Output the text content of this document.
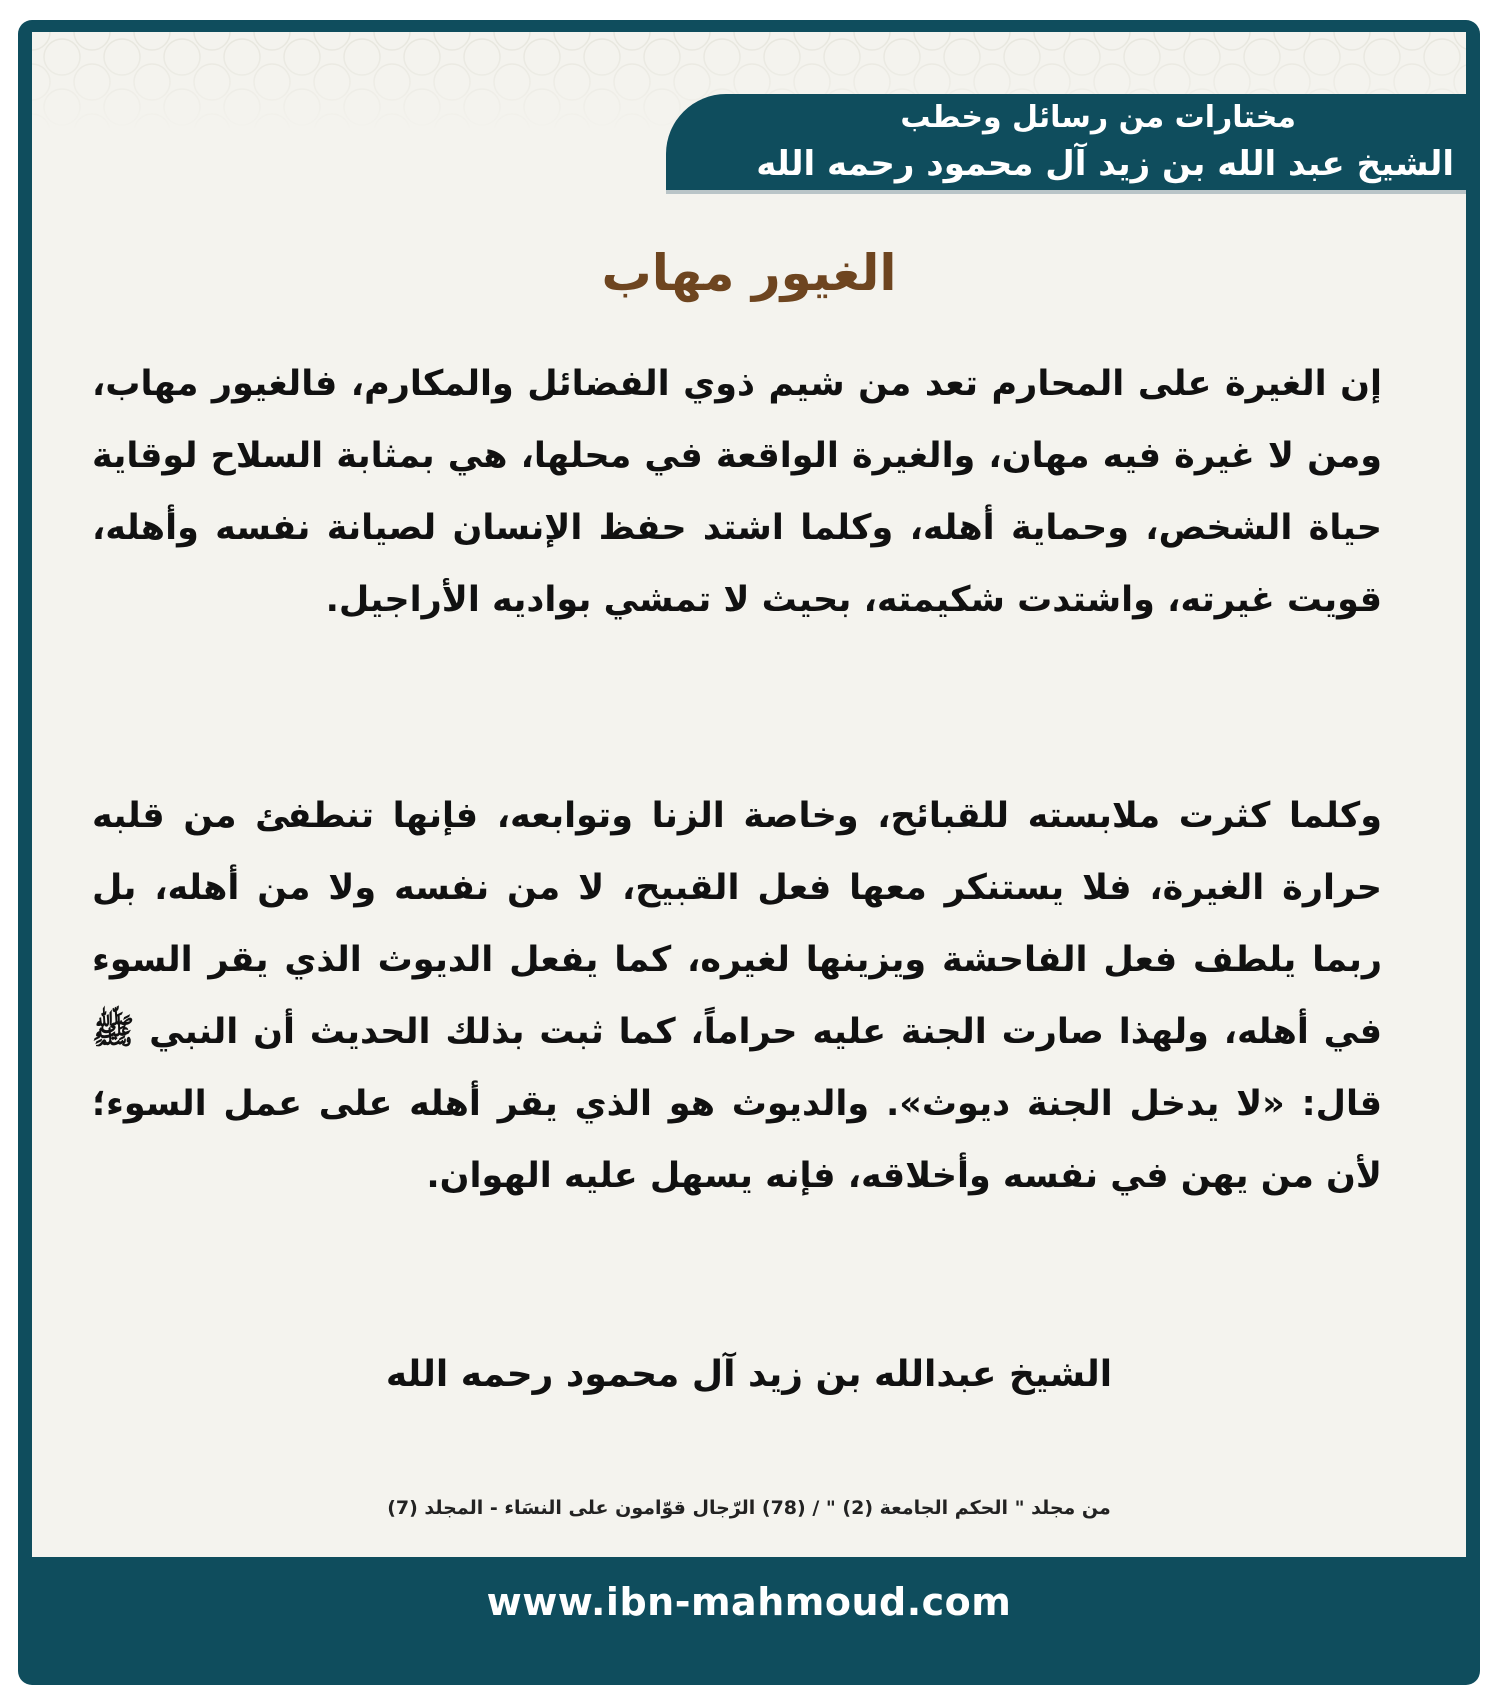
مختارات من رسائل وخطب
الشيخ عبد الله بن زيد آل محمود رحمه الله
الغيور مهاب

إن الغيرة على المحارم تعد من شيم ذوي الفضائل والمكارم، فالغيور مهاب، ومن لا غيرة فيه مهان، والغيرة الواقعة في محلها، هي بمثابة السلاح لوقاية حياة الشخص، وحماية أهله، وكلما اشتد حفظ الإنسان لصيانة نفسه وأهله، قويت غيرته، واشتدت شكيمته، بحيث لا تمشي بواديه الأراجيل.

وكلما كثرت ملابسته للقبائح، وخاصة الزنا وتوابعه، فإنها تنطفئ من قلبه حرارة الغيرة، فلا يستنكر معها فعل القبيح، لا من نفسه ولا من أهله، بل ربما يلطف فعل الفاحشة ويزينها لغيره، كما يفعل الديوث الذي يقر السوء في أهله، ولهذا صارت الجنة عليه حراماً، كما ثبت بذلك الحديث أن النبي ﷺ قال: «لا يدخل الجنة ديوث». والديوث هو الذي يقر أهله على عمل السوء؛ لأن من يهن في نفسه وأخلاقه، فإنه يسهل عليه الهوان.

الشيخ عبدالله بن زيد آل محمود رحمه الله
من مجلد " الحكم الجامعة (2) " / (78) الرّجال قوّامون على النسَاء - المجلد (7)
www.ibn-mahmoud.com
